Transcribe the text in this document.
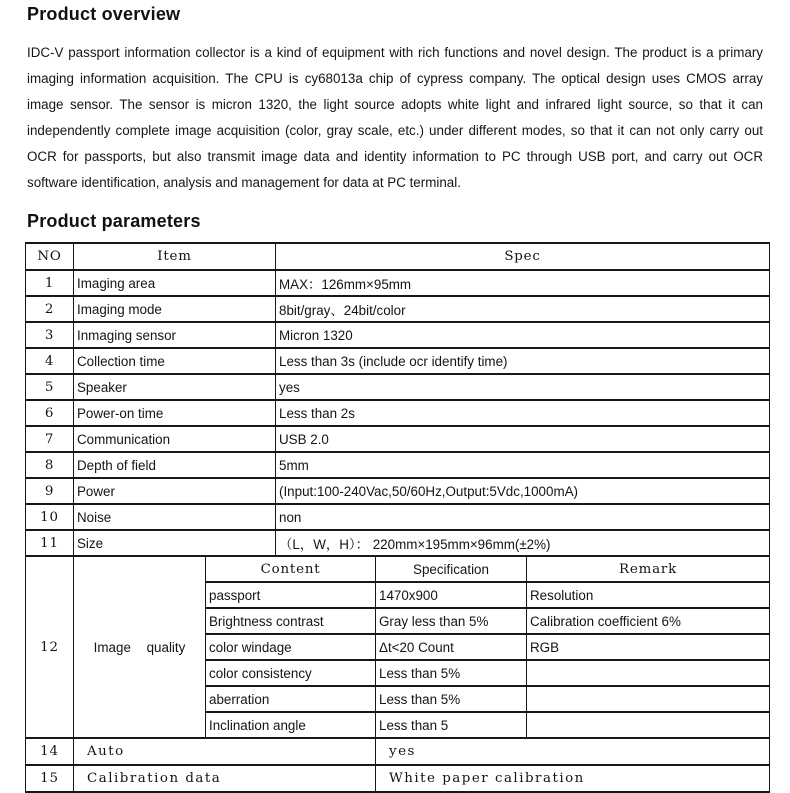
Product overview

IDC-V passport information collector is a kind of equipment with rich functions and novel design. The product is a primary imaging information acquisition. The CPU is cy68013a chip of cypress company. The optical design uses CMOS array image sensor. The sensor is micron 1320, the light source adopts white light and infrared light source, so that it can independently complete image acquisition (color, gray scale, etc.) under different modes, so that it can not only carry out OCR for passports, but also transmit image data and identity information to PC through USB port, and carry out OCR software identification, analysis and management for data at PC terminal.

Product parameters
NO	Item		Spec		
1	Imaging area		MAX：126mm×95mm		
2	Imaging mode		8bit/gray、24bit/color		
3	Inmaging sensor		Micron 1320		
4	Collection time		Less than 3s (include ocr identify time)		
5	Speaker		yes		
6	Power-on time		Less than 2s		
7	Communication		USB 2.0		
8	Depth of field		5mm		
9	Power		(Input:100-240Vac,50/60Hz,Output:5Vdc,1000mA)		
10	Noise		non		
11	Size		（L，W，H）： 220mm×195mm×96mm(±2%)		
12	Image quality	Content		Specification	Remark
		passport		1470x900	Resolution
		Brightness contrast		Gray less than 5%	Calibration coefficient 6%
		color windage		Δt<20 Count	RGB
		color consistency		Less than 5%	
		aberration		Less than 5%	
		Inclination angle		Less than 5	
14	Auto			yes	
15	Calibration data			White paper calibration	
